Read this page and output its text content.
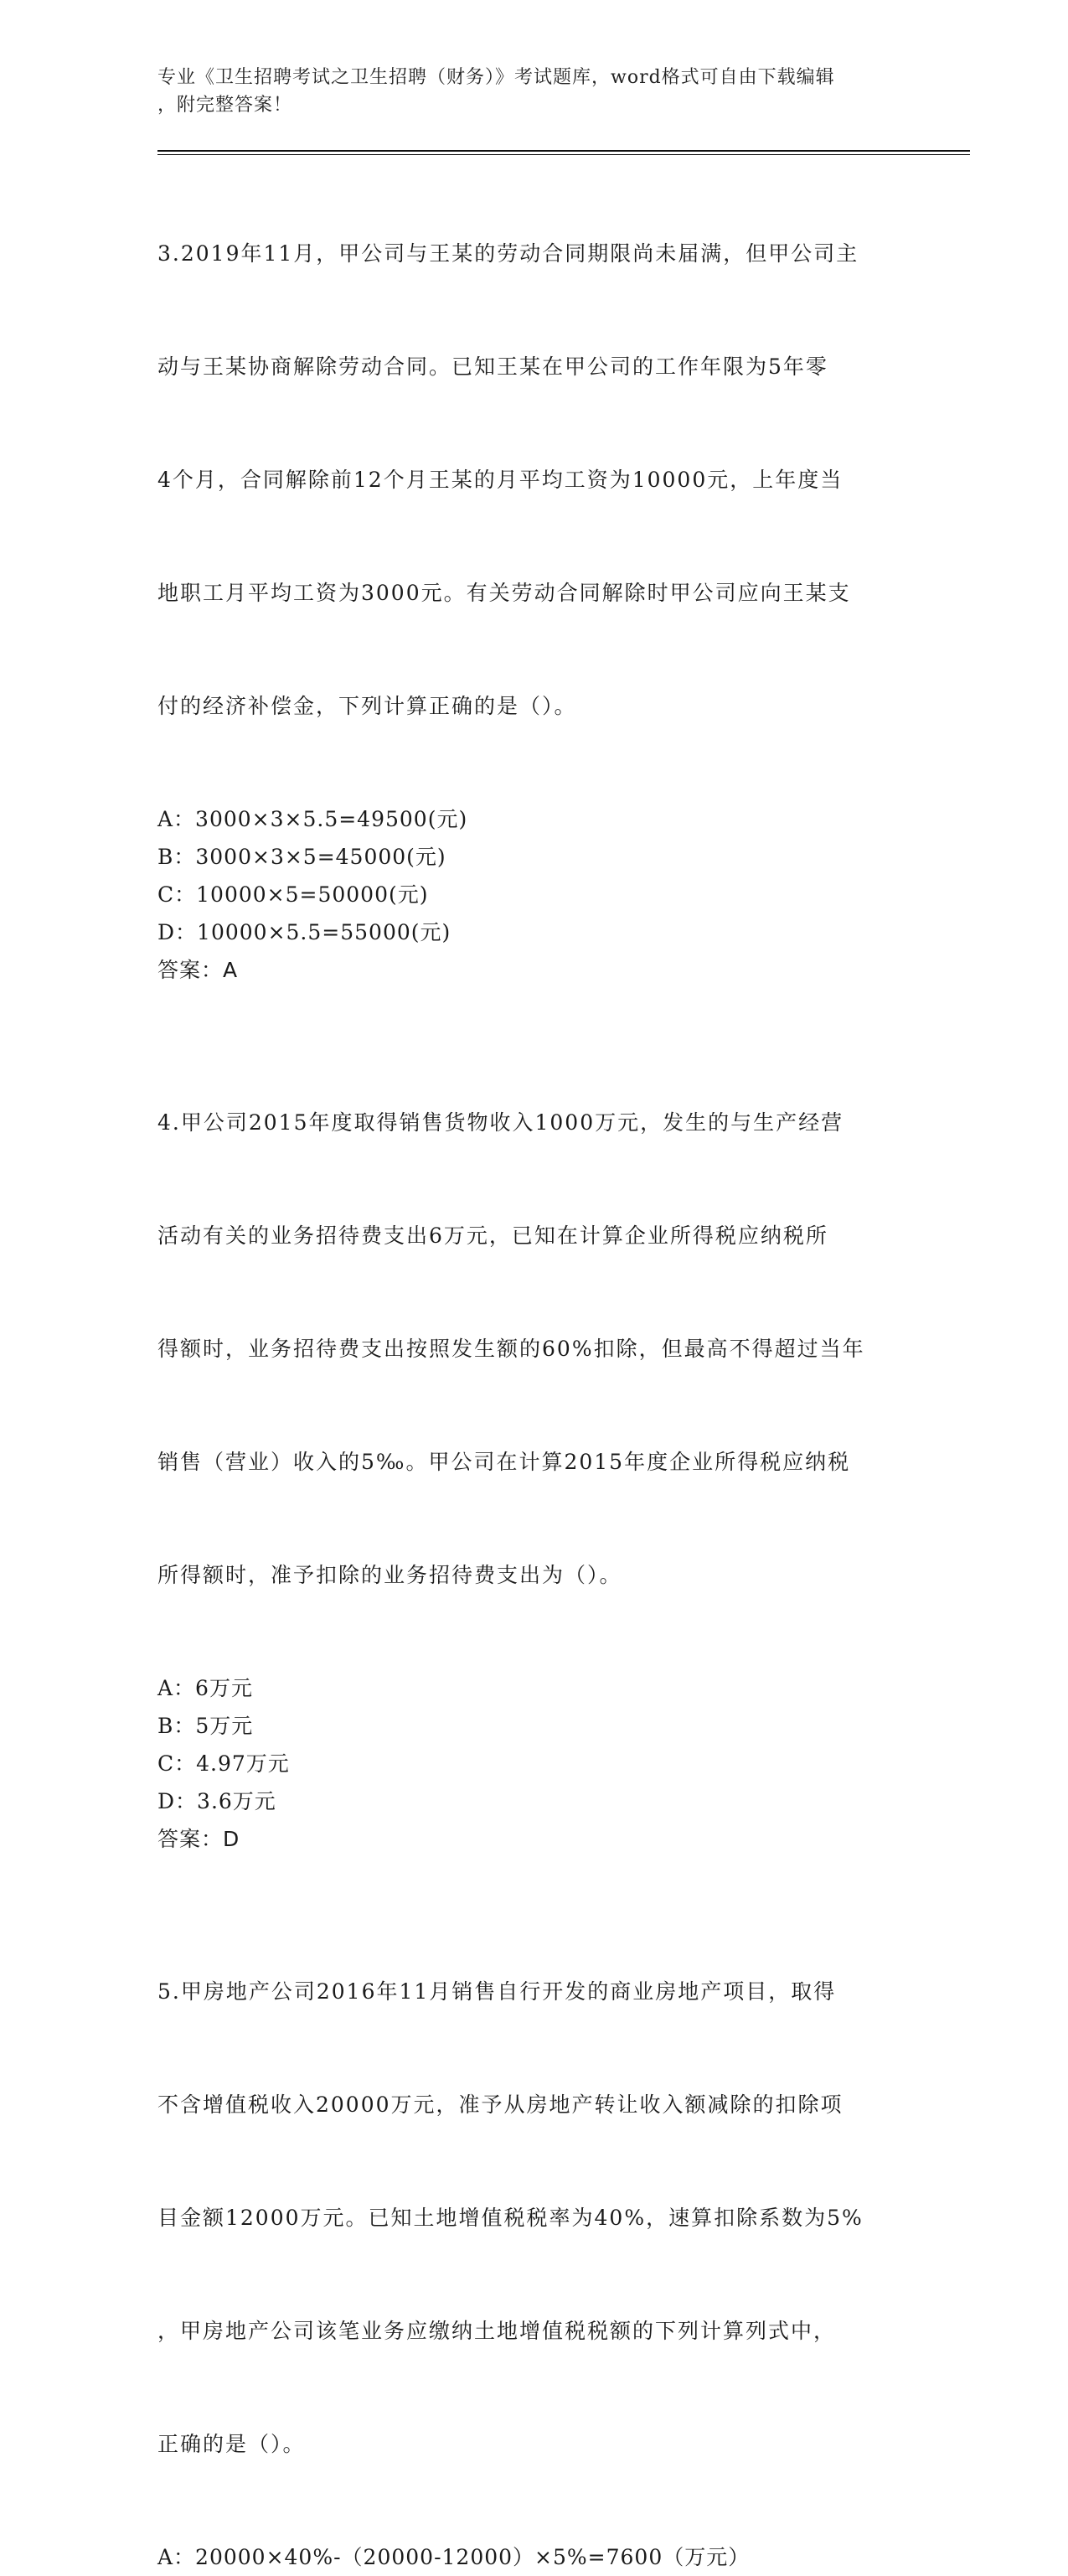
专业《卫生招聘考试之卫生招聘（财务）》考试题库，word格式可自由下载编辑
，附完整答案！

3.2019年11月，甲公司与王某的劳动合同期限尚未届满，但甲公司主

动与王某协商解除劳动合同。已知王某在甲公司的工作年限为5年零

4个月，合同解除前12个月王某的月平均工资为10000元，上年度当

地职工月平均工资为3000元。有关劳动合同解除时甲公司应向王某支

付的经济补偿金，下列计算正确的是（）。

A：3000×3×5.5=49500(元)
B：3000×3×5=45000(元)
C：10000×5=50000(元)
D：10000×5.5=55000(元)
答案：A

4.甲公司2015年度取得销售货物收入1000万元，发生的与生产经营

活动有关的业务招待费支出6万元，已知在计算企业所得税应纳税所

得额时，业务招待费支出按照发生额的60%扣除，但最高不得超过当年

销售（营业）收入的5‰。甲公司在计算2015年度企业所得税应纳税

所得额时，准予扣除的业务招待费支出为（）。

A：6万元
B：5万元
C：4.97万元
D：3.6万元
答案：D

5.甲房地产公司2016年11月销售自行开发的商业房地产项目，取得

不含增值税收入20000万元，准予从房地产转让收入额减除的扣除项

目金额12000万元。已知土地增值税税率为40%，速算扣除系数为5%

，甲房地产公司该笔业务应缴纳土地增值税税额的下列计算列式中，

正确的是（）。

A：20000×40%-（20000-12000）×5%=7600（万元）
